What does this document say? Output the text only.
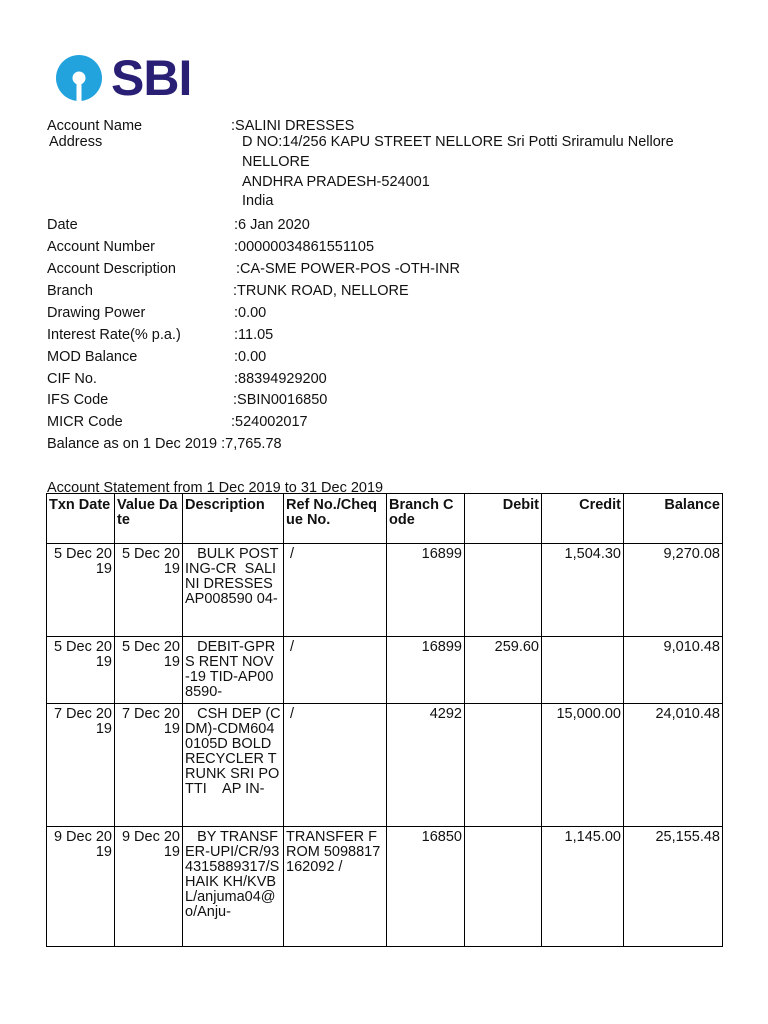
SBI
Account Name	:SALINI DRESSES
Address	D NO:14/256 KAPU STREET NELLORE Sri Potti Sriramulu Nellore
NELLORE
ANDHRA PRADESH-524001
India
Date	:6 Jan 2020
Account Number	:00000034861551105
Account Description	:CA-SME POWER-POS -OTH-INR
Branch	:TRUNK ROAD, NELLORE
Drawing Power	:0.00
Interest Rate(% p.a.)	:11.05
MOD Balance	:0.00
CIF No.	:88394929200
IFS Code	:SBIN0016850
MICR Code	:524002017
Balance as on 1 Dec 2019 :7,765.78
Account Statement from 1 Dec 2019 to 31 Dec 2019
Txn Date	Value Date	Description	Ref No./Cheque No.	Branch Code	Debit	Credit	Balance
5 Dec 2019	5 Dec 2019	BULK POSTING-CR  SALINI DRESSES AP008590 04-	/	16899		1,504.30	9,270.08
5 Dec 2019	5 Dec 2019	DEBIT-GPRS RENT NOV -19 TID-AP008590-	/	16899	259.60		9,010.48
7 Dec 2019	7 Dec 2019	CSH DEP (CDM)-CDM6040105D BOLD RECYCLER TRUNK SRI POTTI    AP IN-	/	4292		15,000.00	24,010.48
9 Dec 2019	9 Dec 2019	BY TRANSFER-UPI/CR/934315889317/SHAIK KH/KVBL/anjuma04@o/Anju-	TRANSFER FROM 5098817162092 /	16850		1,145.00	25,155.48
